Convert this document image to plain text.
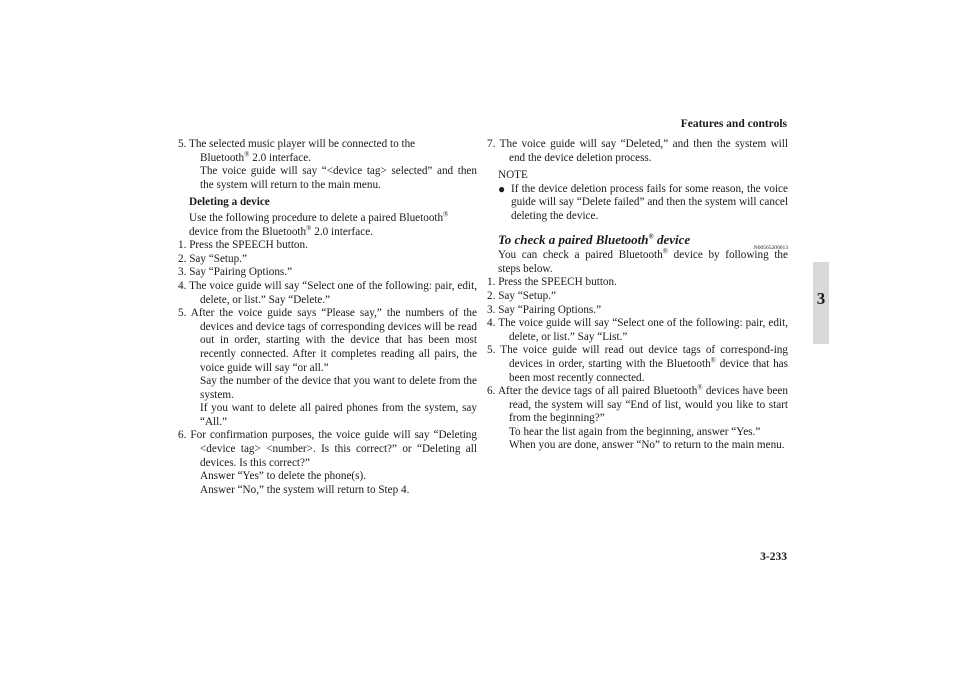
Features and controls
3

5. The selected music player will be connected to the
Bluetooth® 2.0 interface.

The voice guide will say “<device tag> selected” and then the system will return to the main menu.

Deleting a device

Use the following procedure to delete a paired Bluetooth®
device from the Bluetooth® 2.0 interface.

1. Press the SPEECH button.

2. Say “Setup.”

3. Say “Pairing Options.”

4. The voice guide will say “Select one of the following: pair, edit, delete, or list.” Say “Delete.”

5. After the voice guide says “Please say,” the numbers of the devices and device tags of corresponding devices will be read out in order, starting with the device that has been most recently connected. After it completes reading all pairs, the voice guide will say “or all.”

Say the number of the device that you want to delete from the system.

If you want to delete all paired phones from the system, say “All.”

6. For confirmation purposes, the voice guide will say “Deleting <device tag> <number>. Is this correct?” or “Deleting all devices. Is this correct?”

Answer “Yes” to delete the phone(s).

Answer “No,” the system will return to Step 4.

7. The voice guide will say “Deleted,” and then the system will end the device deletion process.

NOTE

● If the device deletion process fails for some reason, the voice guide will say “Delete failed” and then the system will cancel deleting the device.

To check a paired Bluetooth® device
N00565200013

You can check a paired Bluetooth® device by following the steps below.

1. Press the SPEECH button.

2. Say “Setup.”

3. Say “Pairing Options.”

4. The voice guide will say “Select one of the following: pair, edit, delete, or list.” Say “List.”

5. The voice guide will read out device tags of correspond-ing devices in order, starting with the Bluetooth® device that has been most recently connected.

6. After the device tags of all paired Bluetooth® devices have been read, the system will say “End of list, would you like to start from the beginning?”

To hear the list again from the beginning, answer “Yes.”

When you are done, answer “No” to return to the main menu.

3-233
